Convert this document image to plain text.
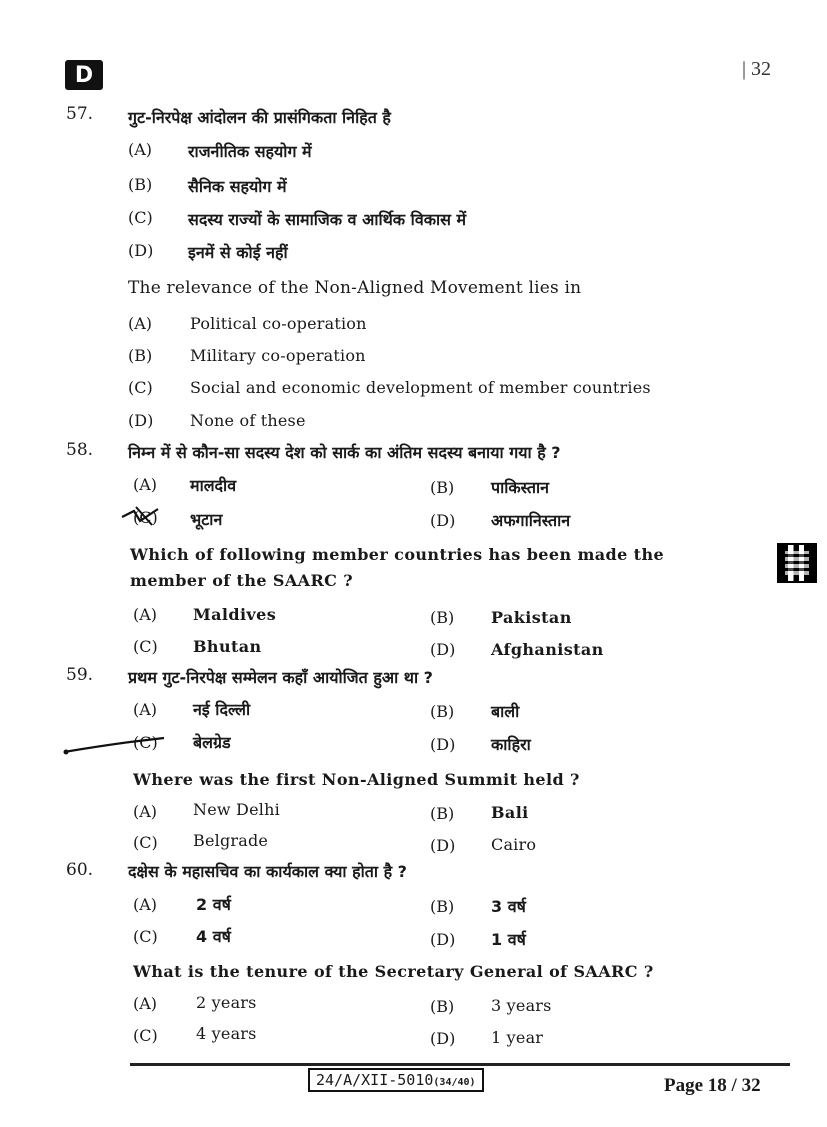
D	| 32
57. गुट-निरपेक्ष आंदोलन की प्रासंगिकता निहित है
(A) राजनीतिक सहयोग में
(B) सैनिक सहयोग में
(C) सदस्य राज्यों के सामाजिक व आर्थिक विकास में
(D) इनमें से कोई नहीं
The relevance of the Non-Aligned Movement lies in
(A) Political co-operation
(B) Military co-operation
(C) Social and economic development of member countries
(D) None of these
58. निम्न में से कौन-सा सदस्य देश को सार्क का अंतिम सदस्य बनाया गया है ?
(A) मालदीव	(B) पाकिस्तान
(C) भूटान	(D) अफगानिस्तान
Which of following member countries has been made the
member of the SAARC ?
(A) Maldives	(B) Pakistan
(C) Bhutan	(D) Afghanistan
59. प्रथम गुट-निरपेक्ष सम्मेलन कहाँ आयोजित हुआ था ?
(A) नई दिल्ली	(B) बाली
(C) बेलग्रेड	(D) काहिरा
Where was the first Non-Aligned Summit held ?
(A) New Delhi	(B) Bali
(C) Belgrade	(D) Cairo
60. दक्षेस के महासचिव का कार्यकाल क्या होता है ?
(A) 2 वर्ष	(B) 3 वर्ष
(C) 4 वर्ष	(D) 1 वर्ष
What is the tenure of the Secretary General of SAARC ?
(A) 2 years	(B) 3 years
(C) 4 years	(D) 1 year
24/A/XII-5010(34/40)	Page 18 / 32
